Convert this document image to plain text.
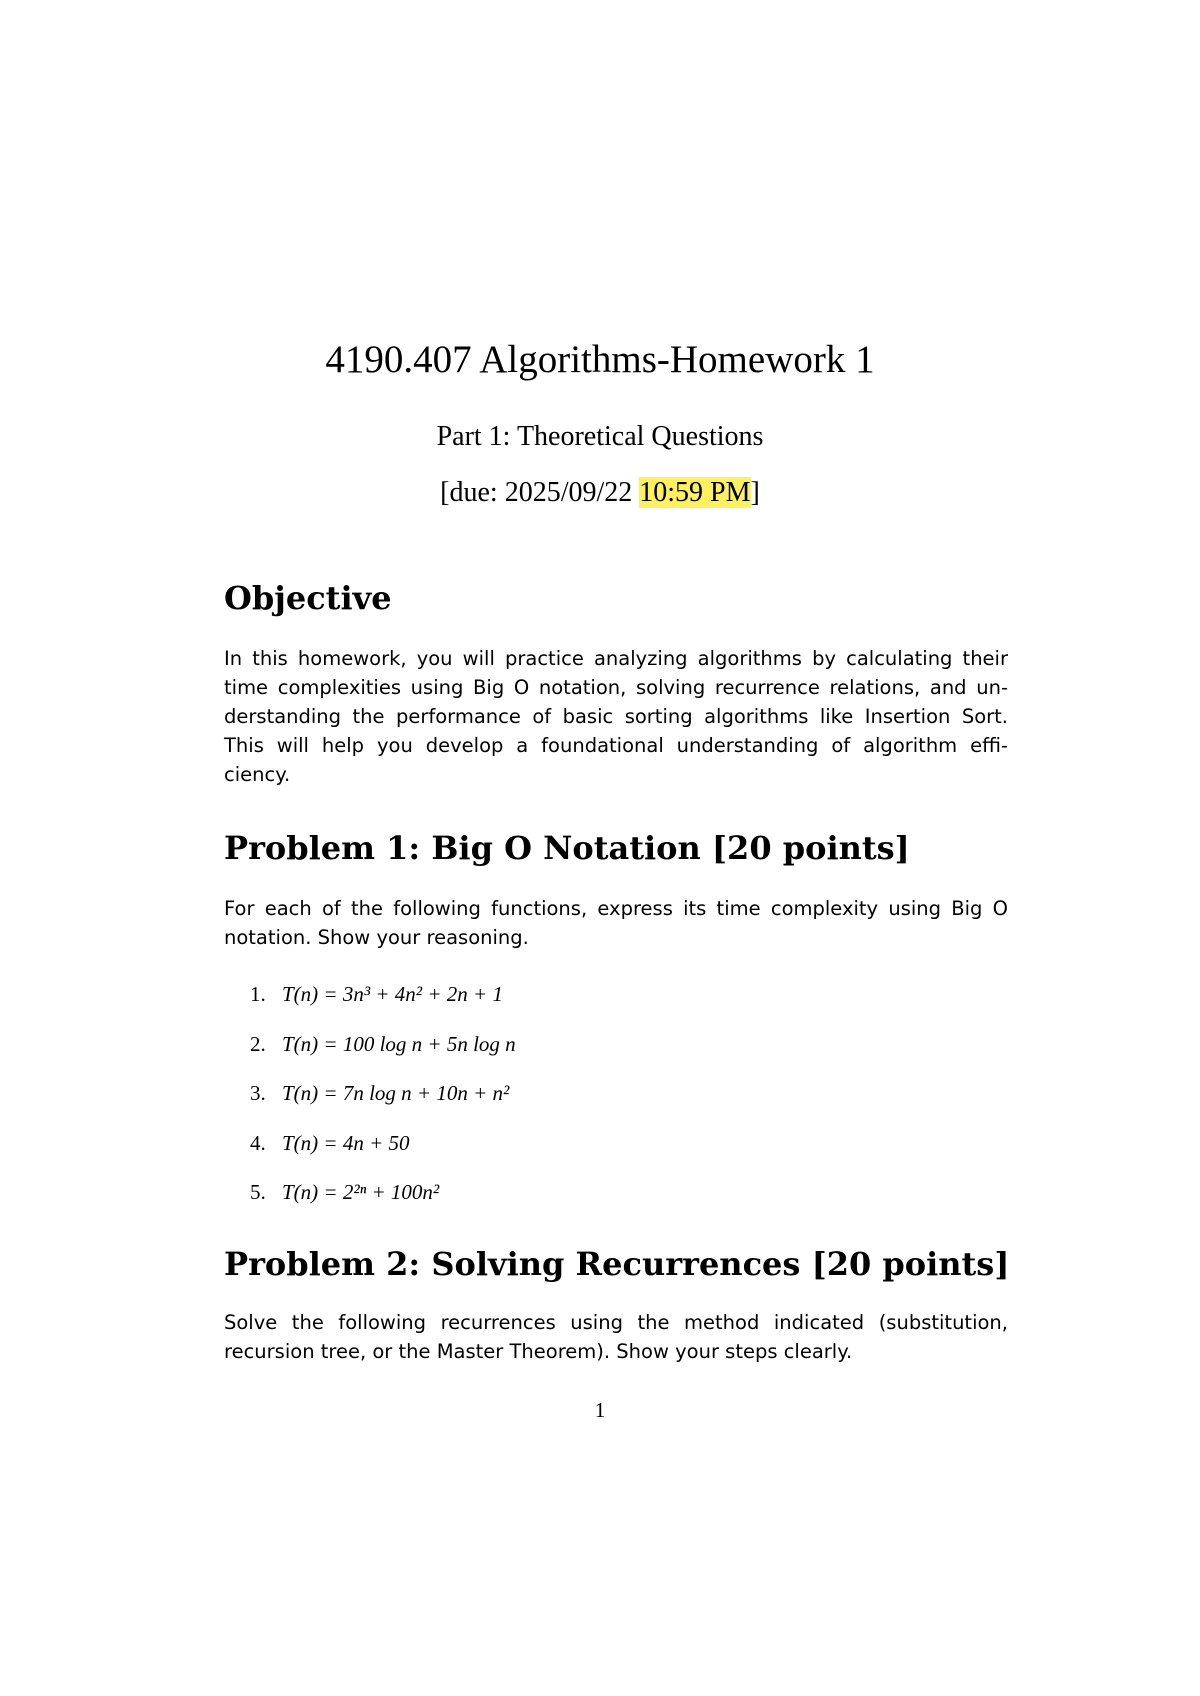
4190.407 Algorithms-Homework 1
Part 1: Theoretical Questions
[due: 2025/09/22 10:59 PM]
Objective
In this homework, you will practice analyzing algorithms by calculating their
time complexities using Big O notation, solving recurrence relations, and un-
derstanding the performance of basic sorting algorithms like Insertion Sort.
This will help you develop a foundational understanding of algorithm effi-
ciency.
Problem 1: Big O Notation [20 points]
For each of the following functions, express its time complexity using Big O
notation. Show your reasoning.
1. T(n) = 3n³ + 4n² + 2n + 1
2. T(n) = 100 log n + 5n log n
3. T(n) = 7n log n + 10n + n²
4. T(n) = 4n + 50
5. T(n) = 2²ⁿ + 100n²
Problem 2: Solving Recurrences [20 points]
Solve the following recurrences using the method indicated (substitution,
recursion tree, or the Master Theorem). Show your steps clearly.
1
